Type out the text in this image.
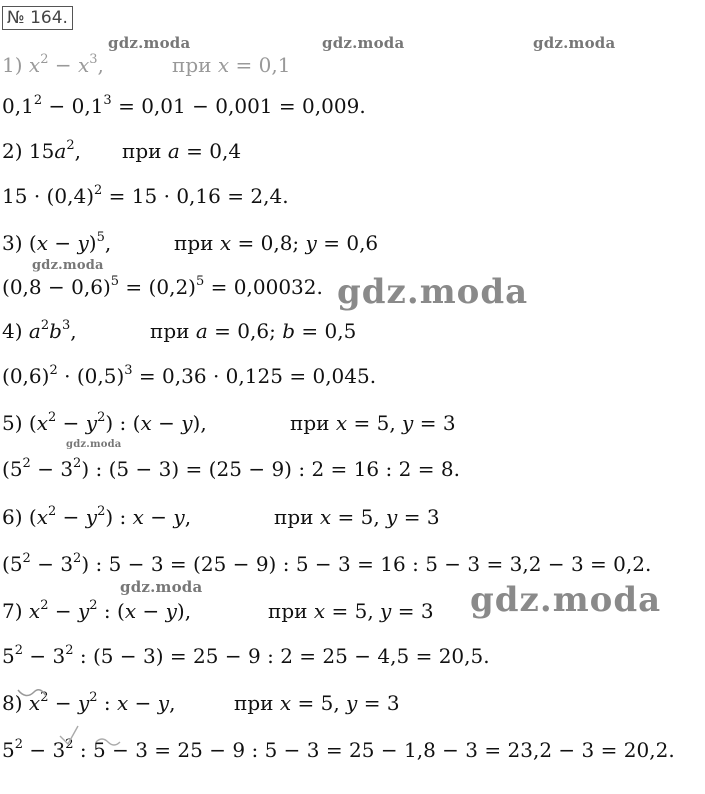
№ 164.
gdz.moda	gdz.moda	gdz.moda
gdz.moda
gdz.moda
gdz.moda
gdz.moda	gdz.moda
1) $x^2 - x^3$,	при x = 0,1
$0,1^2 - 0,1^3 = 0,01 - 0,001 = 0,009$.
2) $15a^2$, при a = 0,4
$15 \cdot (0,4)^2 = 15 \cdot 0,16 = 2,4$.
3) $(x - y)^5$,	при x = 0,8; y = 0,6
$(0,8 - 0,6)^5 = (0,2)^5 = 0,00032$.
4) $a^2b^3$,	при a = 0,6; b = 0,5
$(0,6)^2 \cdot (0,5)^3 = 0,36 \cdot 0,125 = 0,045$.
5) $(x^2 - y^2)$ : (x − y),	при x = 5, y = 3
$(5^2 - 3^2)$ : (5 − 3) = (25 − 9) : 2 = 16 : 2 = 8.
6) $(x^2 - y^2)$ : x − y,	при x = 5, y = 3
$(5^2 - 3^2)$ : 5 − 3 = (25 − 9) : 5 − 3 = 16 : 5 − 3 = 3,2 − 3 = 0,2.
7) $x^2 - y^2$ : (x − y),	при x = 5, y = 3
$5^2 - 3^2$ : (5 − 3) = 25 − 9 : 2 = 25 − 4,5 = 20,5.
8) $x^2 - y^2$ : x − y,	при x = 5, y = 3
$5^2 - 3^2$ : 5 − 3 = 25 − 9 : 5 − 3 = 25 − 1,8 − 3 = 23,2 − 3 = 20,2.
